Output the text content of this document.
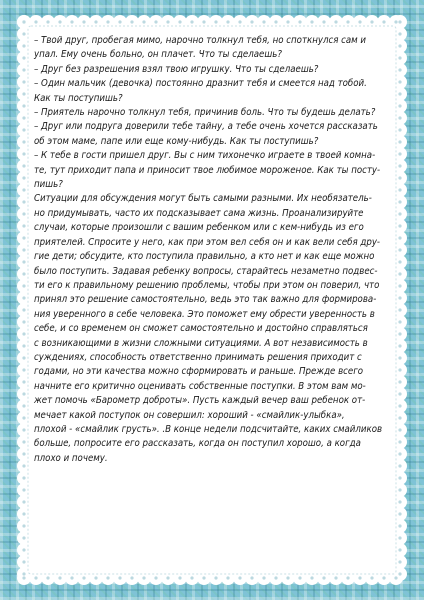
– Твой друг, пробегая мимо, нарочно толкнул тебя, но споткнулся сам и
упал. Ему очень больно, он плачет. Что ты сделаешь?
– Друг без разрешения взял твою игрушку. Что ты сделаешь?
– Один мальчик (девочка) постоянно дразнит тебя и смеется над тобой.
Как ты поступишь?
– Приятель нарочно толкнул тебя, причинив боль. Что ты будешь делать?
– Друг или подруга доверили тебе тайну, а тебе очень хочется рассказать
об этом маме, папе или еще кому-нибудь. Как ты поступишь?
– К тебе в гости пришел друг. Вы с ним тихонечко играете в твоей комна-
те, тут приходит папа и приносит твое любимое мороженое. Как ты посту-
пишь?
Ситуации для обсуждения могут быть самыми разными. Их необязатель-
но придумывать, часто их подсказывает сама жизнь. Проанализируйте
случаи, которые произошли с вашим ребенком или с кем-нибудь из его
приятелей. Спросите у него, как при этом вел себя он и как вели себя дру-
гие дети; обсудите, кто поступила правильно, а кто нет и как еще можно
было поступить. Задавая ребенку вопросы, старайтесь незаметно подвес-
ти его к правильному решению проблемы, чтобы при этом он поверил, что
принял это решение самостоятельно, ведь это так важно для формирова-
ния уверенного в себе человека. Это поможет ему обрести уверенность в
себе, и со временем он сможет самостоятельно и достойно справляться
с возникающими в жизни сложными ситуациями. А вот независимость в
суждениях, способность ответственно принимать решения приходит с
годами, но эти качества можно сформировать и раньше. Прежде всего
начните его критично оценивать собственные поступки. В этом вам мо-
жет помочь «Барометр доброты». Пусть каждый вечер ваш ребенок от-
мечает какой поступок он совершил: хороший - «смайлик-улыбка»,
плохой - «смайлик грусть». .В конце недели подсчитайте, каких смайликов
больше, попросите его рассказать, когда он поступил хорошо, а когда
плохо и почему.
